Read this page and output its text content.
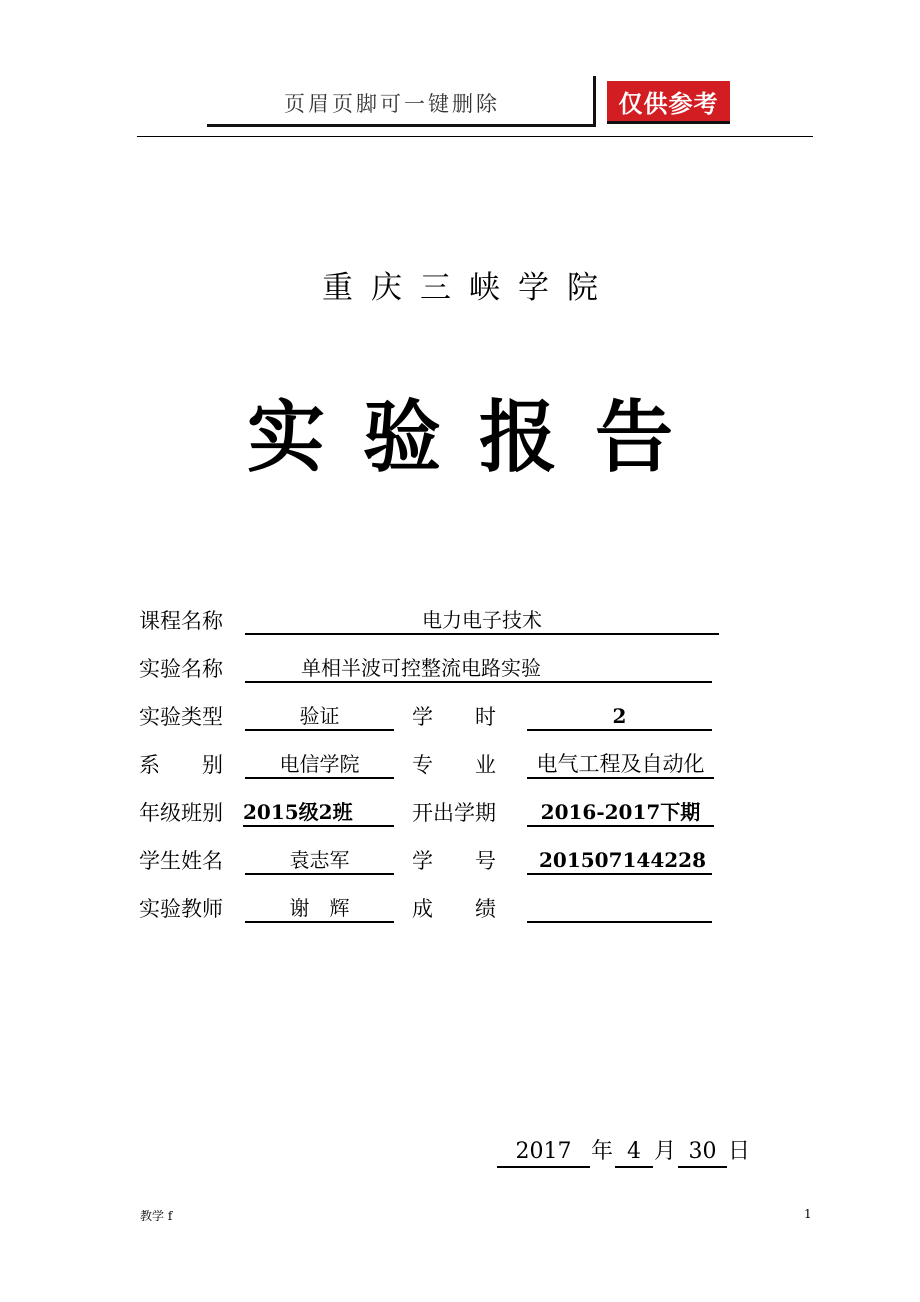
页眉页脚可一键删除	仅供参考
重庆三峡学院
实验报告
课程名称	电力电子技术
实验名称	单相半波可控整流电路实验
实验类型	验证	学　　时	2
系　　别	电信学院	专　　业	电气工程及自动化
年级班别 2015级2班	开出学期	2016-2017下期
学生姓名	袁志军	学　　号	201507144228
实验教师	谢　辉	成　　绩
2017 年 4 月 30 日
教学 f	1
